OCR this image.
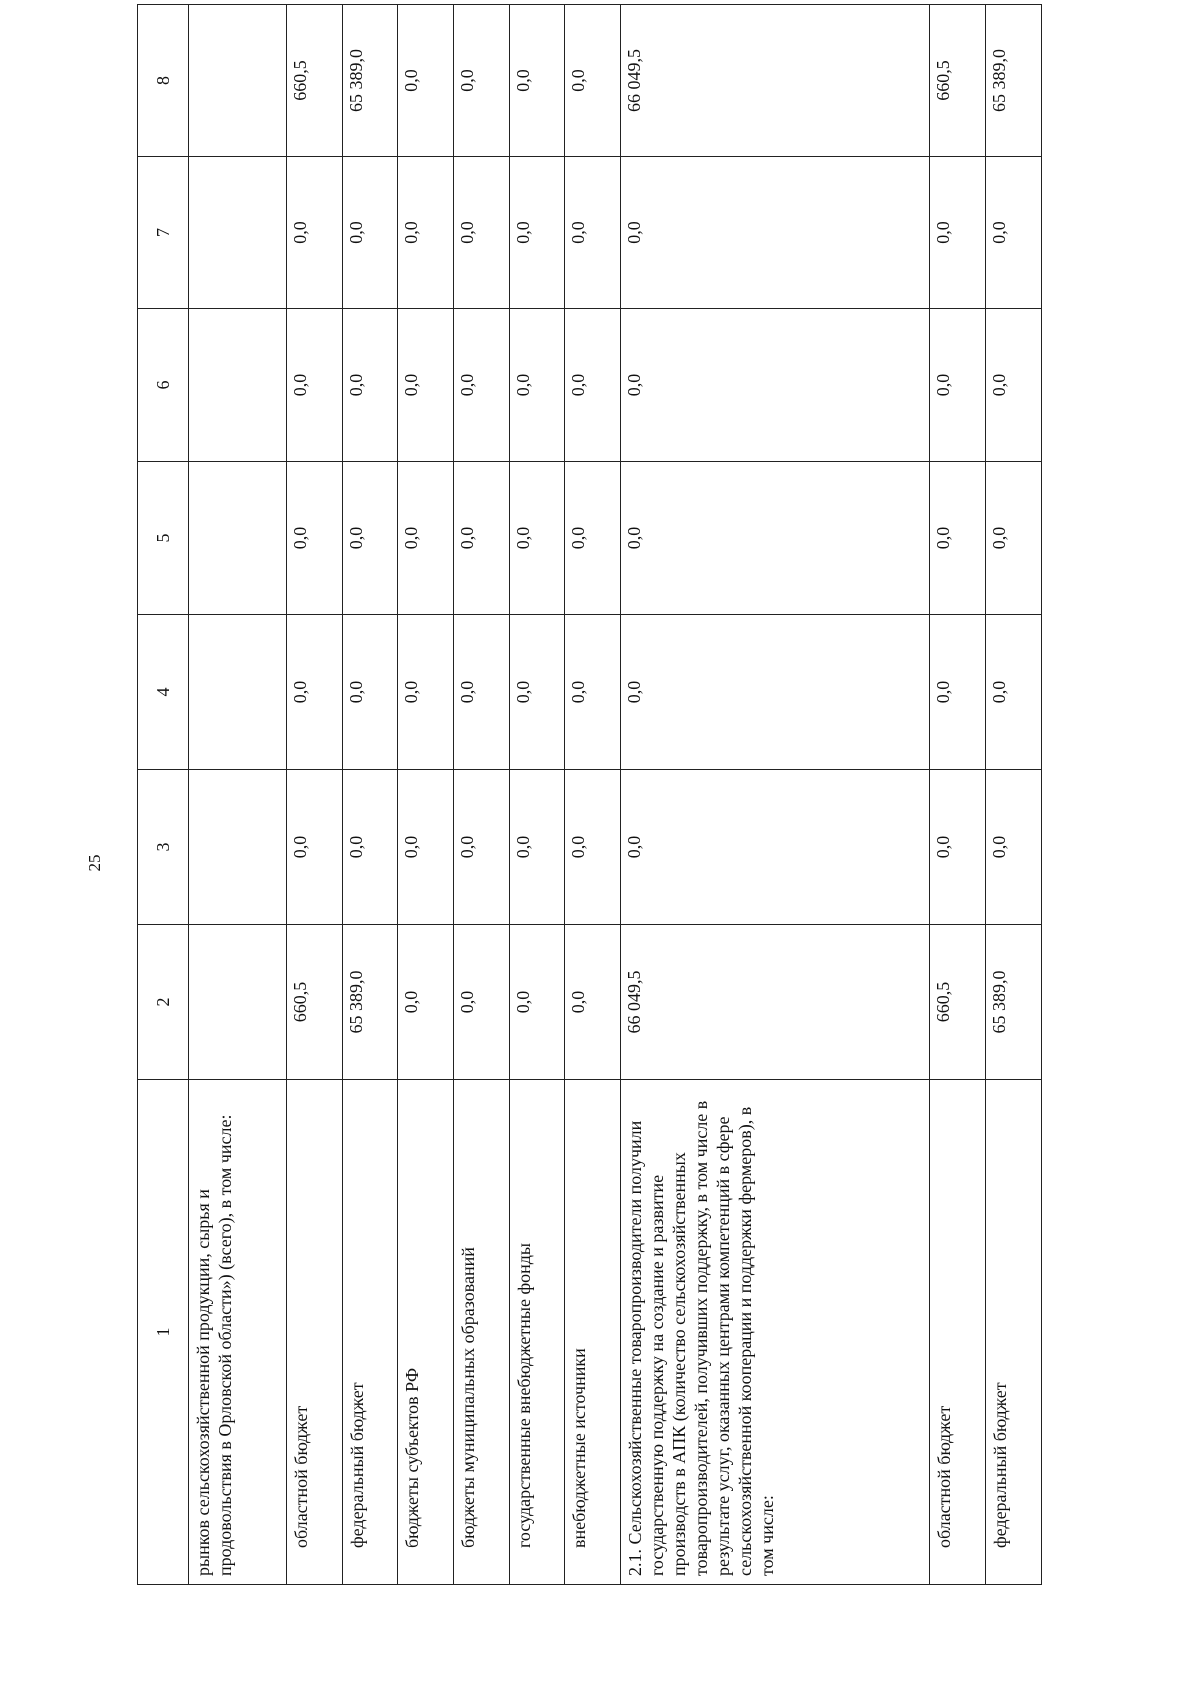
25
1	2	3	4	5	6	7	8
рынков сельскохозяйственной продукции, сырья и продовольствия в Орловской области») (всего), в том числе:							
областной бюджет	660,5	0,0	0,0	0,0	0,0	0,0	660,5
федеральный бюджет	65 389,0	0,0	0,0	0,0	0,0	0,0	65 389,0
бюджеты субъектов РФ	0,0	0,0	0,0	0,0	0,0	0,0	0,0
бюджеты муниципальных образований	0,0	0,0	0,0	0,0	0,0	0,0	0,0
государственные внебюджетные фонды	0,0	0,0	0,0	0,0	0,0	0,0	0,0
внебюджетные источники	0,0	0,0	0,0	0,0	0,0	0,0	0,0
2.1. Сельскохозяйственные товаропроизводители получили государственную поддержку на создание и развитие производств в АПК (количество сельскохозяйственных товаропроизводителей, получивших поддержку, в том числе в результате услуг, оказанных центрами компетенций в сфере сельскохозяйственной кооперации и поддержки фермеров), в том числе:	66 049,5	0,0	0,0	0,0	0,0	0,0	66 049,5
областной бюджет	660,5	0,0	0,0	0,0	0,0	0,0	660,5
федеральный бюджет	65 389,0	0,0	0,0	0,0	0,0	0,0	65 389,0
